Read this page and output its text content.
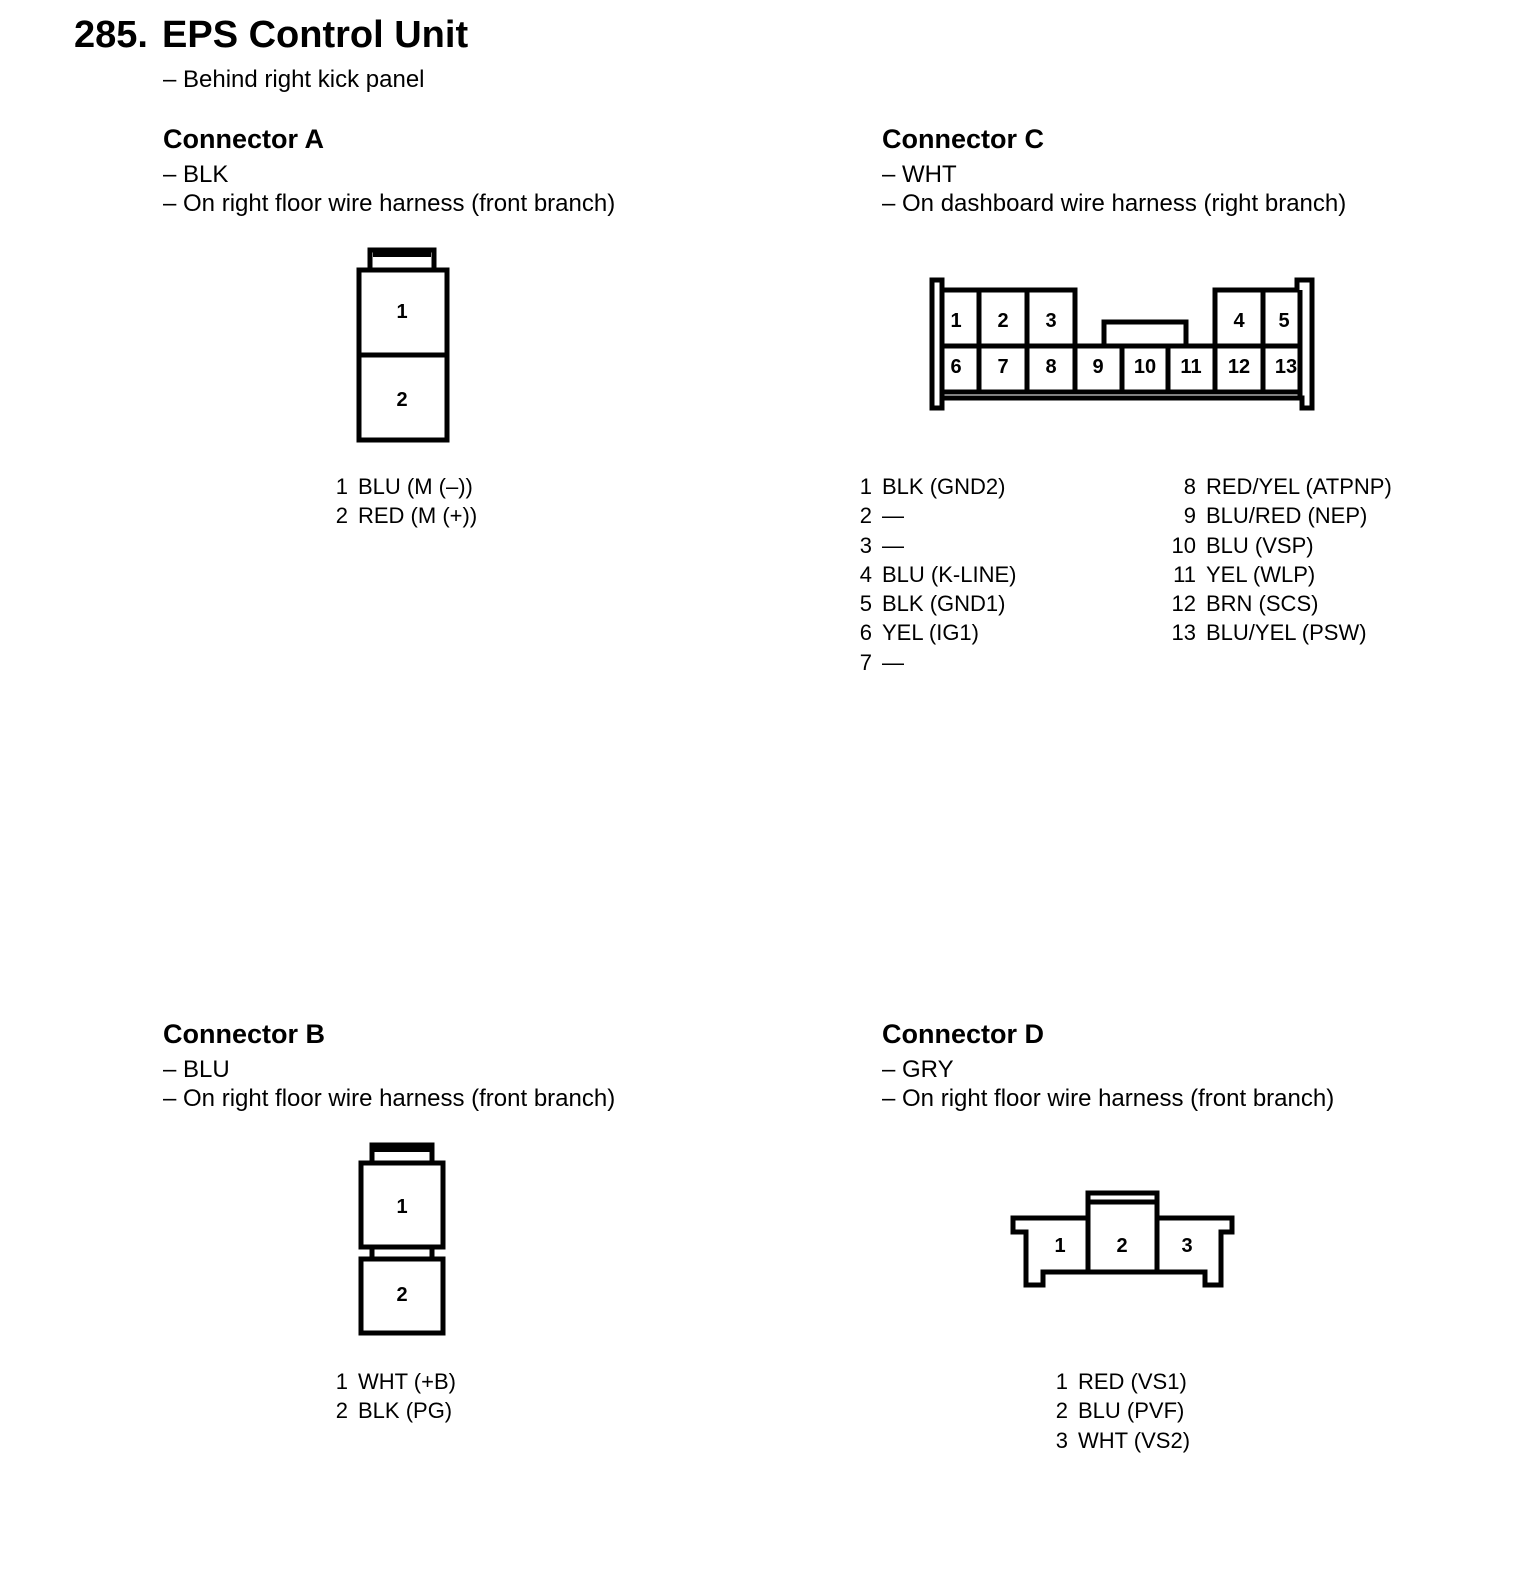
285. EPS Control Unit
– Behind right kick panel
Connector A
– BLK
– On right floor wire harness (front branch)
1
2
1 BLU (M (–))
2 RED (M (+))
Connector C
– WHT
– On dashboard wire harness (right branch)
1 2 3	4 5
6 7 8 9 10 11 12 13
1 BLK (GND2)
2 —
3 —
4 BLU (K-LINE)
5 BLK (GND1)
6 YEL (IG1)
7 —
8 RED/YEL (ATPNP)
9 BLU/RED (NEP)
10 BLU (VSP)
11 YEL (WLP)
12 BRN (SCS)
13 BLU/YEL (PSW)
Connector B
– BLU
– On right floor wire harness (front branch)
1
2
1 WHT (+B)
2 BLK (PG)
Connector D
– GRY
– On right floor wire harness (front branch)
1	2	3
1 RED (VS1)
2 BLU (PVF)
3 WHT (VS2)
